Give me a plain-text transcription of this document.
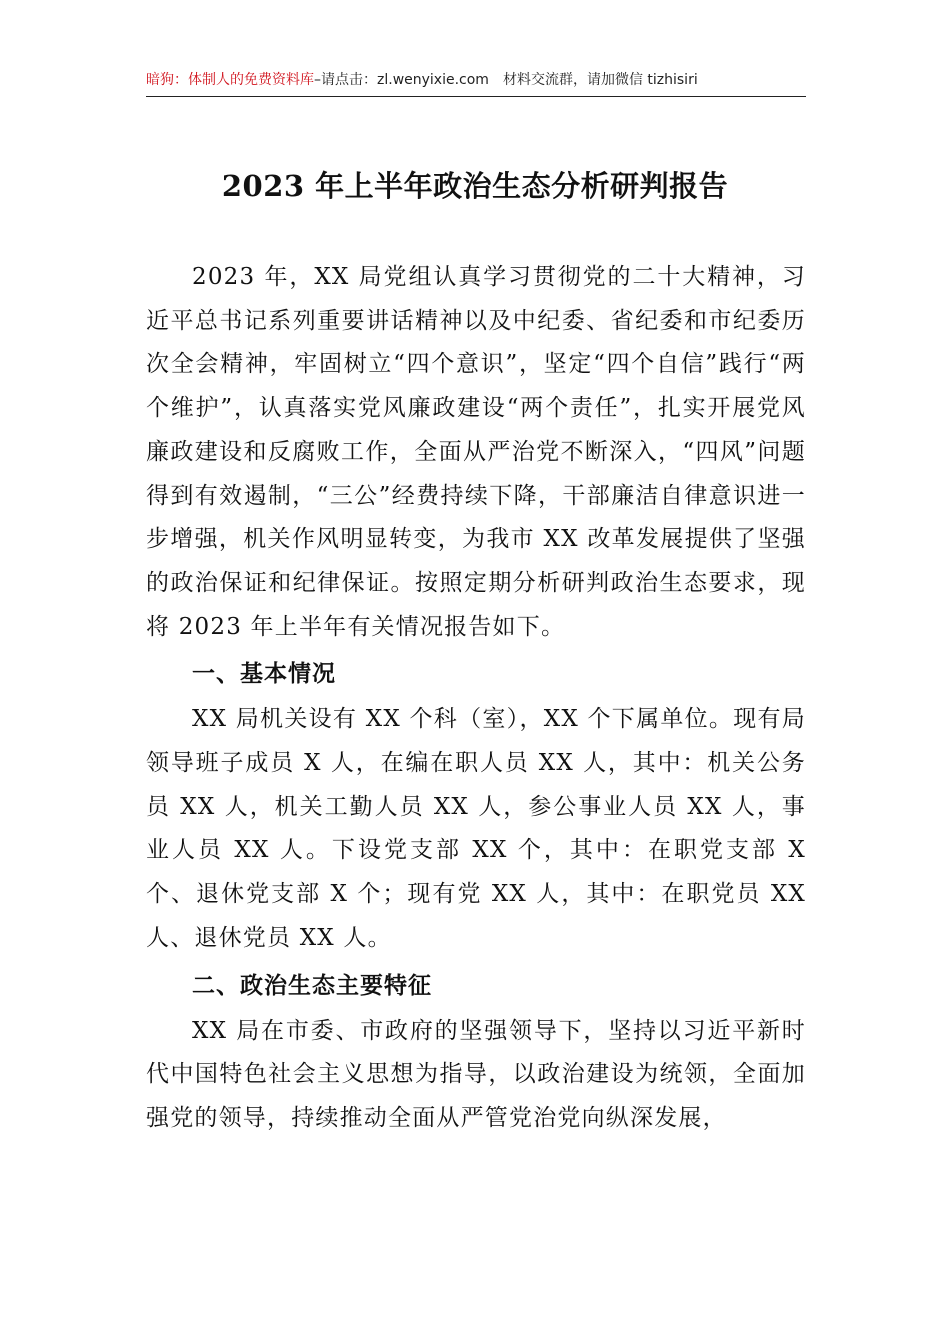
暗狗：体制人的免费资料库–请点击：zl.wenyixie.com 材料交流群，请加微信 tizhisiri
2023 年上半年政治生态分析研判报告

2023 年，XX 局党组认真学习贯彻党的二十大精神，习近平总书记系列重要讲话精神以及中纪委、省纪委和市纪委历次全会精神，牢固树立“四个意识”，坚定“四个自信”践行“两个维护”，认真落实党风廉政建设“两个责任”，扎实开展党风廉政建设和反腐败工作，全面从严治党不断深入，“四风”问题得到有效遏制，“三公”经费持续下降，干部廉洁自律意识进一步增强，机关作风明显转变，为我市 XX 改革发展提供了坚强的政治保证和纪律保证。按照定期分析研判政治生态要求，现将 2023 年上半年有关情况报告如下。

一、基本情况

XX 局机关设有 XX 个科（室），XX 个下属单位。现有局领导班子成员 X 人，在编在职人员 XX 人，其中：机关公务员 XX 人，机关工勤人员 XX 人，参公事业人员 XX 人，事业人员 XX 人。下设党支部 XX 个，其中：在职党支部 X 个、退休党支部 X 个；现有党 XX 人，其中：在职党员 XX 人、退休党员 XX 人。

二、政治生态主要特征

XX 局在市委、市政府的坚强领导下，坚持以习近平新时代中国特色社会主义思想为指导，以政治建设为统领，全面加强党的领导，持续推动全面从严管党治党向纵深发展，
